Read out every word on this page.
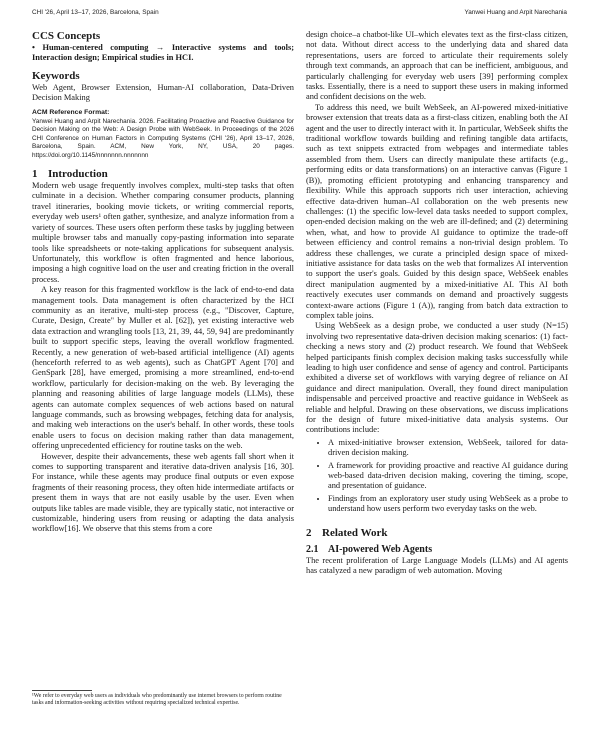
CHI '26, April 13–17, 2026, Barcelona, Spain	Yanwei Huang and Arpit Narechania
CCS Concepts

• Human-centered computing → Interactive systems and tools; Interaction design; Empirical studies in HCI.

Keywords

Web Agent, Browser Extension, Human-AI collaboration, Data-Driven Decision Making

ACM Reference Format:

Yanwei Huang and Arpit Narechania. 2026. Facilitating Proactive and Reactive Guidance for Decision Making on the Web: A Design Probe with WebSeek. In Proceedings of the 2026 CHI Conference on Human Factors in Computing Systems (CHI '26), April 13–17, 2026, Barcelona, Spain. ACM, New York, NY, USA, 20 pages. https://doi.org/10.1145/nnnnnnn.nnnnnnn

1 Introduction

Modern web usage frequently involves complex, multi-step tasks that often culminate in a decision. Whether comparing consumer products, planning travel itineraries, booking movie tickets, or writing commercial reports, everyday web users¹ often gather, synthesize, and analyze information from a variety of sources. These users often perform these tasks by juggling between multiple browser tabs and manually copy-pasting information into separate tools like spreadsheets or note-taking applications for subsequent analysis. Unfortunately, this workflow is often fragmented and hence laborious, imposing a high cognitive load on the user and creating friction in the overall process.

A key reason for this fragmented workflow is the lack of end-to-end data management tools. Data management is often characterized by the HCI community as an iterative, multi-step process (e.g., "Discover, Capture, Curate, Design, Create" by Muller et al. [62]), yet existing interactive web data extraction and wrangling tools [13, 21, 39, 44, 59, 94] are predominantly built to support specific steps, leaving the overall workflow fragmented. Recently, a new generation of web-based artificial intelligence (AI) agents (henceforth referred to as web agents), such as ChatGPT Agent [70] and GenSpark [28], have emerged, promising a more streamlined, end-to-end workflow, particularly for decision-making on the web. By leveraging the planning and reasoning abilities of large language models (LLMs), these agents can automate complex sequences of web actions based on natural language commands, such as browsing webpages, fetching data for analysis, and making web interactions on the user's behalf. In other words, these tools enable users to focus on decision making rather than data management, offering unprecedented efficiency for routine tasks on the web.

However, despite their advancements, these web agents fall short when it comes to supporting transparent and iterative data-driven analysis [16, 30]. For instance, while these agents may produce final outputs or even expose fragments of their reasoning process, they often hide intermediate artifacts or present them in ways that are not easily usable by the user. Even when outputs like tables are made visible, they are typically static, not interactive or customizable, hindering users from reusing or adapting the data analysis workflow[16]. We observe that this stems from a core

¹We refer to everyday web users as individuals who predominantly use internet browsers to perform routine tasks and information-seeking activities without requiring specialized technical expertise.

design choice–a chatbot-like UI–which elevates text as the first-class citizen, not data. Without direct access to the underlying data and shared data representations, users are forced to articulate their requirements solely through text commands, an approach that can be inefficient, ambiguous, and particularly challenging for everyday web users [39] performing complex tasks. Essentially, there is a need to support these users in making informed and confident decisions on the web.

To address this need, we built WebSeek, an AI-powered mixed-initiative browser extension that treats data as a first-class citizen, enabling both the AI agent and the user to directly interact with it. In particular, WebSeek shifts the traditional workflow towards building and refining tangible data artifacts, such as text snippets extracted from webpages and intermediate tables assembled from them. Users can directly manipulate these artifacts (e.g., performing edits or data transformations) on an interactive canvas (Figure 1 (B)), promoting efficient prototyping and enhancing transparency and flexibility. While this approach supports rich user interaction, achieving effective data-driven human–AI collaboration on the web presents new challenges: (1) the specific low-level data tasks needed to support complex, open-ended decision making on the web are ill-defined; and (2) determining when, what, and how to provide AI guidance to optimize the trade-off between efficiency and control remains a non-trivial design problem. To address these challenges, we curate a principled design space of mixed-initiative assistance for data tasks on the web that formalizes AI intervention to support the user's goals. Guided by this design space, WebSeek enables direct manipulation augmented by a mixed-initiative AI. This AI both reactively executes user commands on demand and proactively suggests context-aware actions (Figure 1 (A)), ranging from batch data extraction to complex table joins.

Using WebSeek as a design probe, we conducted a user study (N=15) involving two representative data-driven decision making scenarios: (1) fact-checking a news story and (2) product research. We found that WebSeek helped participants finish complex decision making tasks successfully while leading to high user confidence and sense of agency and control. Participants exhibited a diverse set of workflows with varying degree of reliance on AI guidance and direct manipulation. Overall, they found direct manipulation indispensable and perceived proactive and reactive guidance in WebSeek as reliable and helpful. Drawing on these observations, we discuss implications for the design of future mixed-initiative data analysis systems. Our contributions include:

• A mixed-initiative browser extension, WebSeek, tailored for data-driven decision making.
• A framework for providing proactive and reactive AI guidance during web-based data-driven decision making, covering the timing, scope, and presentation of guidance.
• Findings from an exploratory user study using WebSeek as a probe to understand how users perform two everyday tasks on the web.
2 Related Work
2.1 AI-powered Web Agents

The recent proliferation of Large Language Models (LLMs) and AI agents has catalyzed a new paradigm of web automation. Moving
